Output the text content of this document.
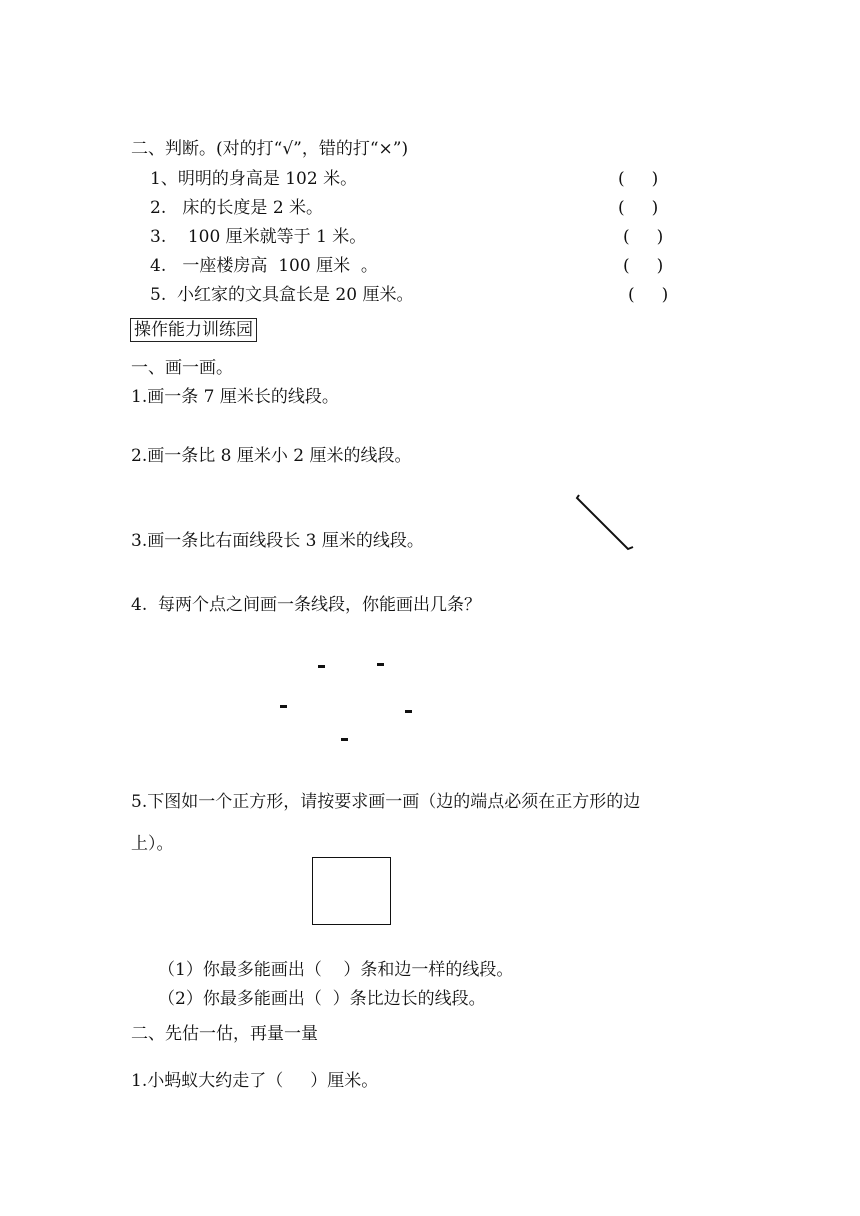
二、判断。(对的打“√”，错的打“×”)
1、明明的身高是 102 米。	(     )
2.   床的长度是 2 米。	(     )
3.    100 厘米就等于 1 米。	(     )
4.   一座楼房高  100 厘米  。	(     )
5.  小红家的文具盒长是 20 厘米。	(     )
操作能力训练园
一、画一画。
1.画一条 7 厘米长的线段。
2.画一条比 8 厘米小 2 厘米的线段。
3.画一条比右面线段长 3 厘米的线段。
4.  每两个点之间画一条线段，你能画出几条？
5.下图如一个正方形，请按要求画一画（边的端点必须在正方形的边
上）。
（1）你最多能画出（    ）条和边一样的线段。
（2）你最多能画出（  ）条比边长的线段。
二、先估一估，再量一量
1.小蚂蚁大约走了（     ）厘米。
